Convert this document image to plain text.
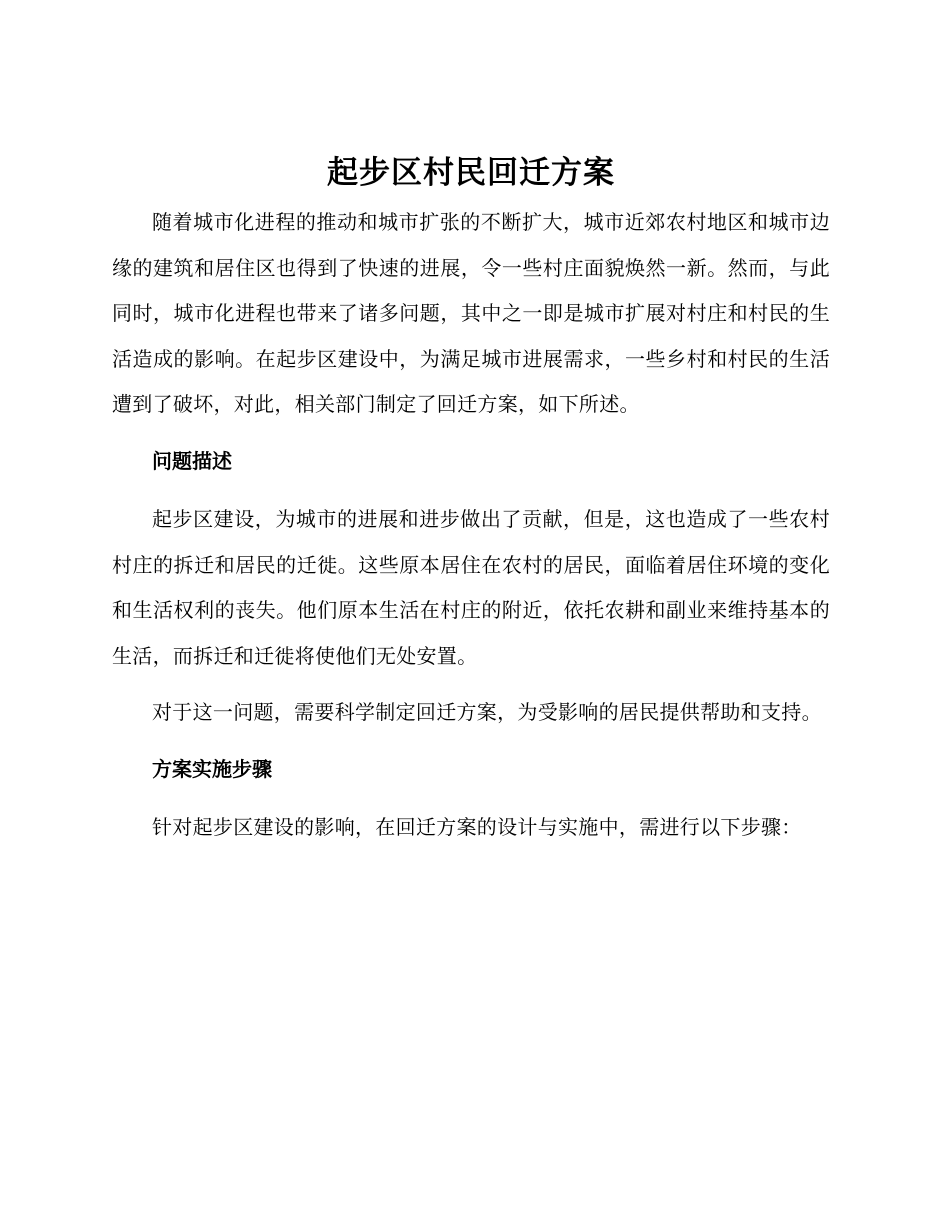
起步区村民回迁方案

随着城市化进程的推动和城市扩张的不断扩大，城市近郊农村地区和城市边缘的建筑和居住区也得到了快速的进展，令一些村庄面貌焕然一新。然而，与此同时，城市化进程也带来了诸多问题，其中之一即是城市扩展对村庄和村民的生活造成的影响。在起步区建设中，为满足城市进展需求，一些乡村和村民的生活遭到了破坏，对此，相关部门制定了回迁方案，如下所述。

问题描述

起步区建设，为城市的进展和进步做出了贡献，但是，这也造成了一些农村村庄的拆迁和居民的迁徙。这些原本居住在农村的居民，面临着居住环境的变化和生活权利的丧失。他们原本生活在村庄的附近，依托农耕和副业来维持基本的生活，而拆迁和迁徙将使他们无处安置。

对于这一问题，需要科学制定回迁方案，为受影响的居民提供帮助和支持。

方案实施步骤

针对起步区建设的影响，在回迁方案的设计与实施中，需进行以下步骤：
